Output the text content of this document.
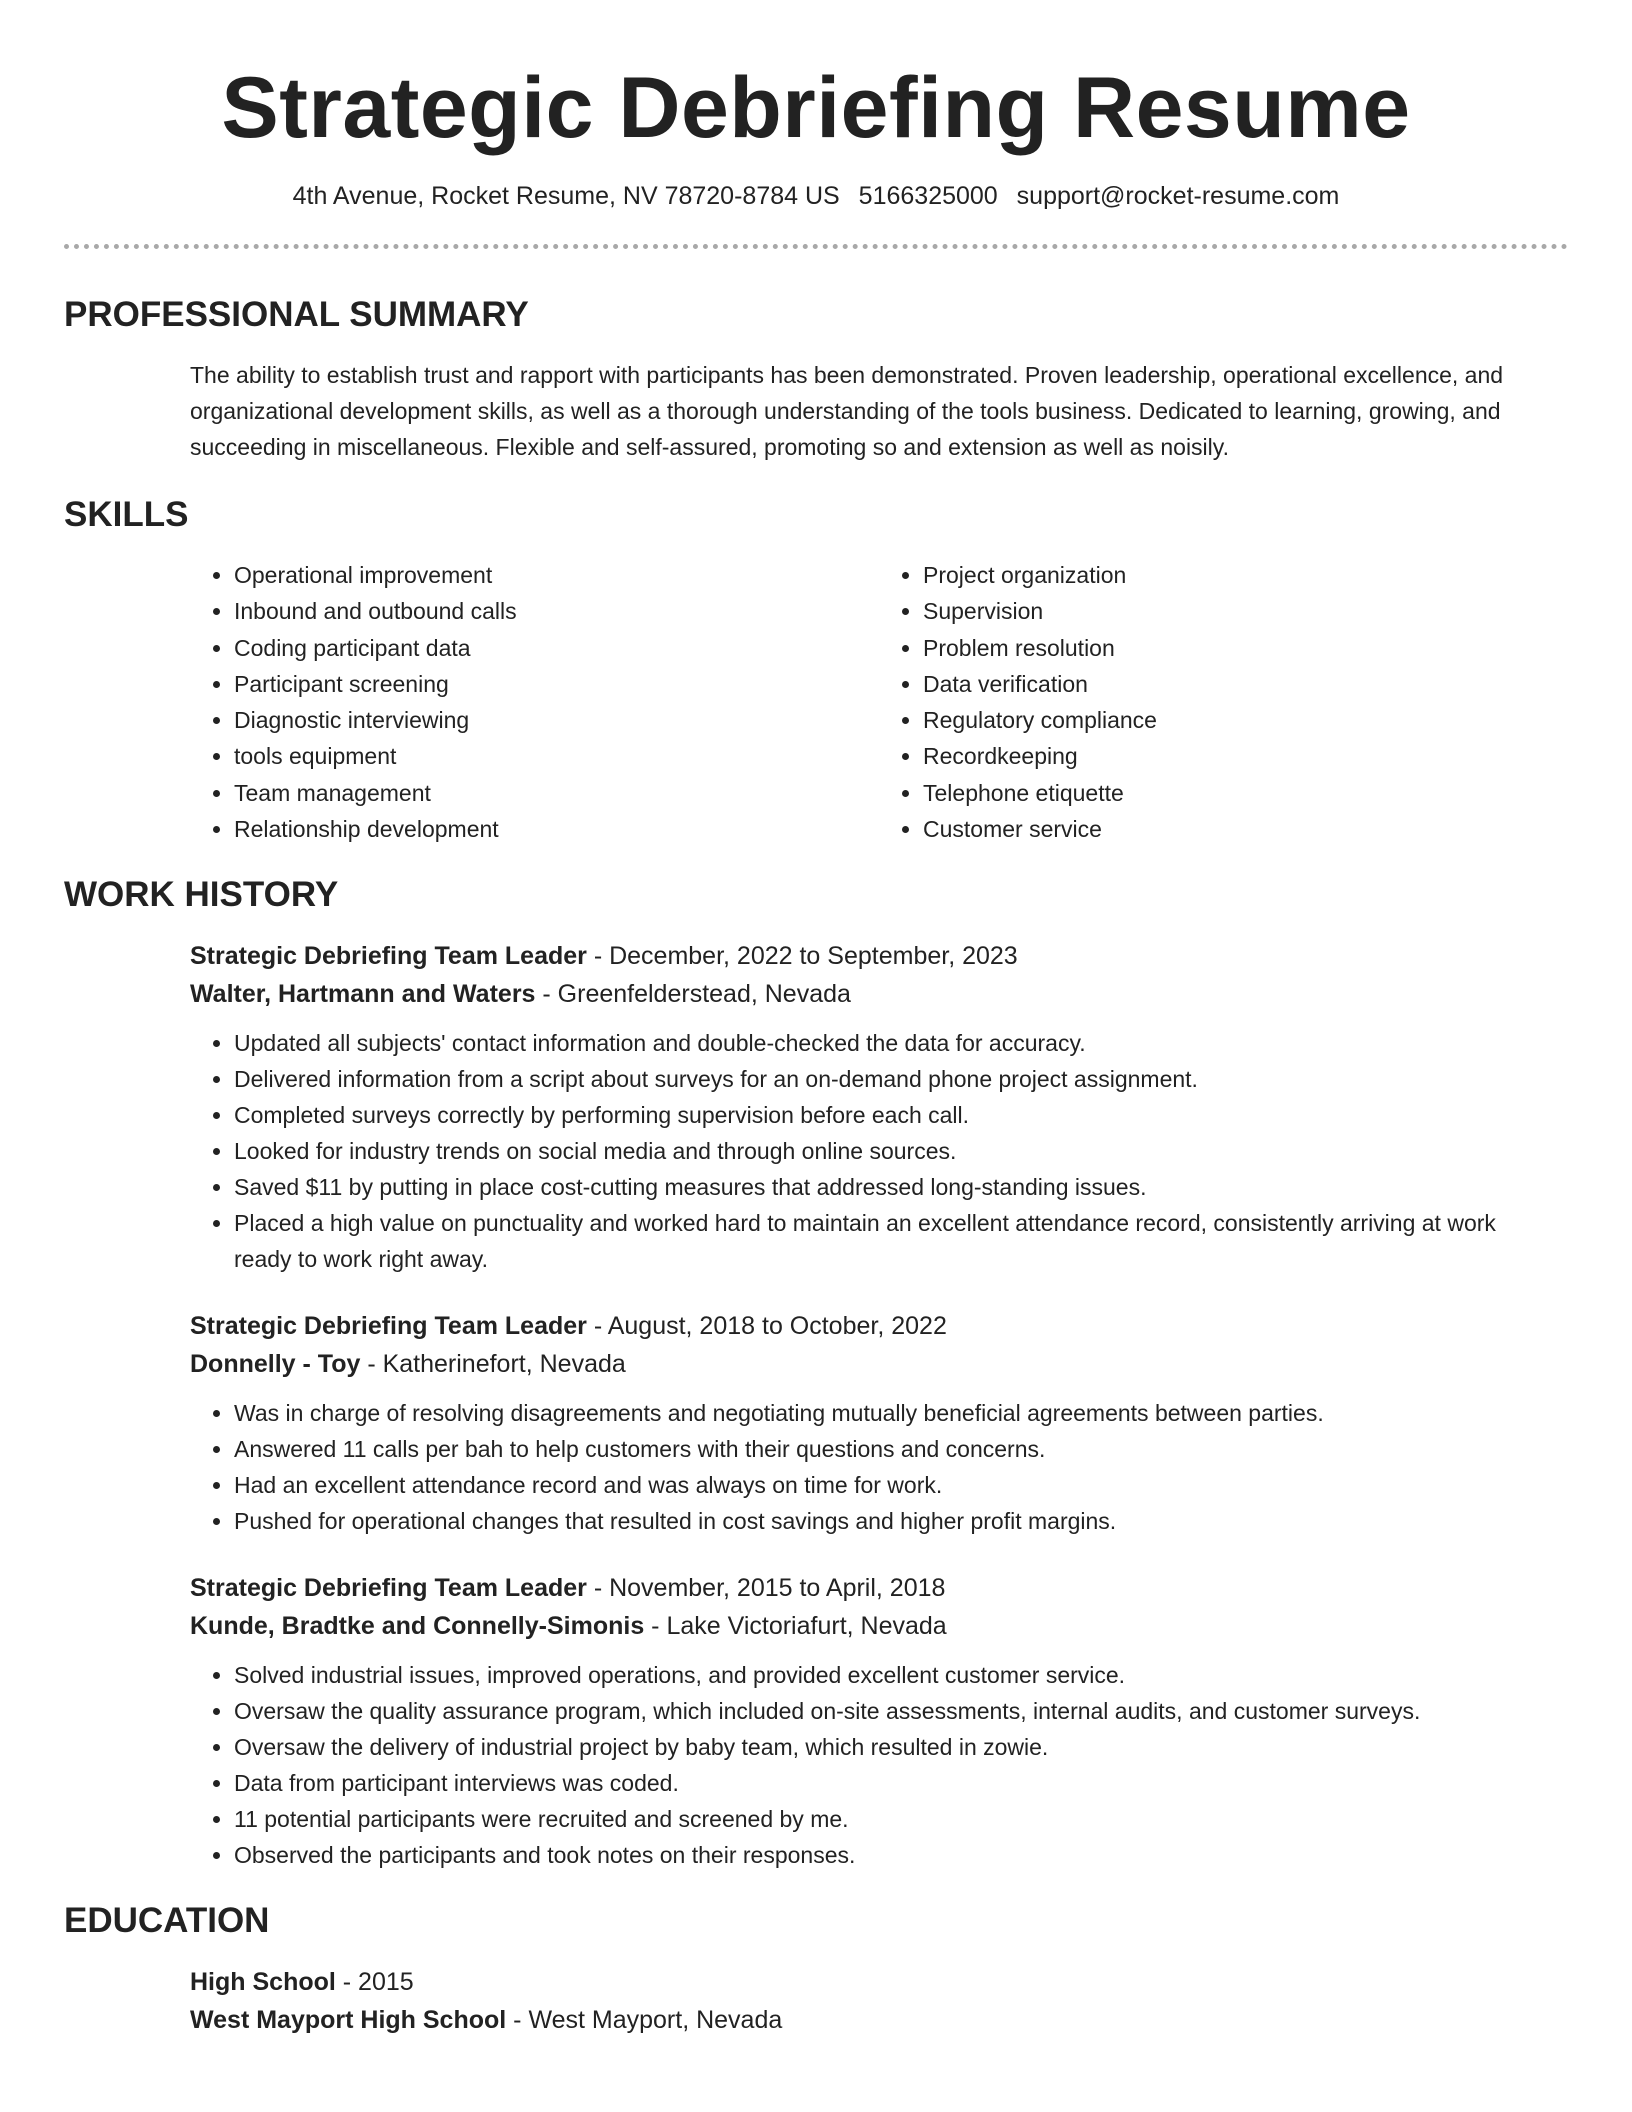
Strategic Debriefing Resume
4th Avenue, Rocket Resume, NV 78720-8784 US 5166325000 support@rocket-resume.com
PROFESSIONAL SUMMARY

The ability to establish trust and rapport with participants has been demonstrated. Proven leadership, operational excellence, and organizational development skills, as well as a thorough understanding of the tools business. Dedicated to learning, growing, and succeeding in miscellaneous. Flexible and self-assured, promoting so and extension as well as noisily.

SKILLS
• Operational improvement
• Inbound and outbound calls
• Coding participant data
• Participant screening
• Diagnostic interviewing
• tools equipment
• Team management
• Relationship development
• Project organization
• Supervision
• Problem resolution
• Data verification
• Regulatory compliance
• Recordkeeping
• Telephone etiquette
• Customer service
WORK HISTORY
Strategic Debriefing Team Leader - December, 2022 to September, 2023
Walter, Hartmann and Waters - Greenfelderstead, Nevada
• Updated all subjects' contact information and double-checked the data for accuracy.
• Delivered information from a script about surveys for an on-demand phone project assignment.
• Completed surveys correctly by performing supervision before each call.
• Looked for industry trends on social media and through online sources.
• Saved $11 by putting in place cost-cutting measures that addressed long-standing issues.
• Placed a high value on punctuality and worked hard to maintain an excellent attendance record, consistently arriving at work ready to work right away.
Strategic Debriefing Team Leader - August, 2018 to October, 2022
Donnelly - Toy - Katherinefort, Nevada
• Was in charge of resolving disagreements and negotiating mutually beneficial agreements between parties.
• Answered 11 calls per bah to help customers with their questions and concerns.
• Had an excellent attendance record and was always on time for work.
• Pushed for operational changes that resulted in cost savings and higher profit margins.
Strategic Debriefing Team Leader - November, 2015 to April, 2018
Kunde, Bradtke and Connelly-Simonis - Lake Victoriafurt, Nevada
• Solved industrial issues, improved operations, and provided excellent customer service.
• Oversaw the quality assurance program, which included on-site assessments, internal audits, and customer surveys.
• Oversaw the delivery of industrial project by baby team, which resulted in zowie.
• Data from participant interviews was coded.
• 11 potential participants were recruited and screened by me.
• Observed the participants and took notes on their responses.
EDUCATION
High School - 2015
West Mayport High School - West Mayport, Nevada
